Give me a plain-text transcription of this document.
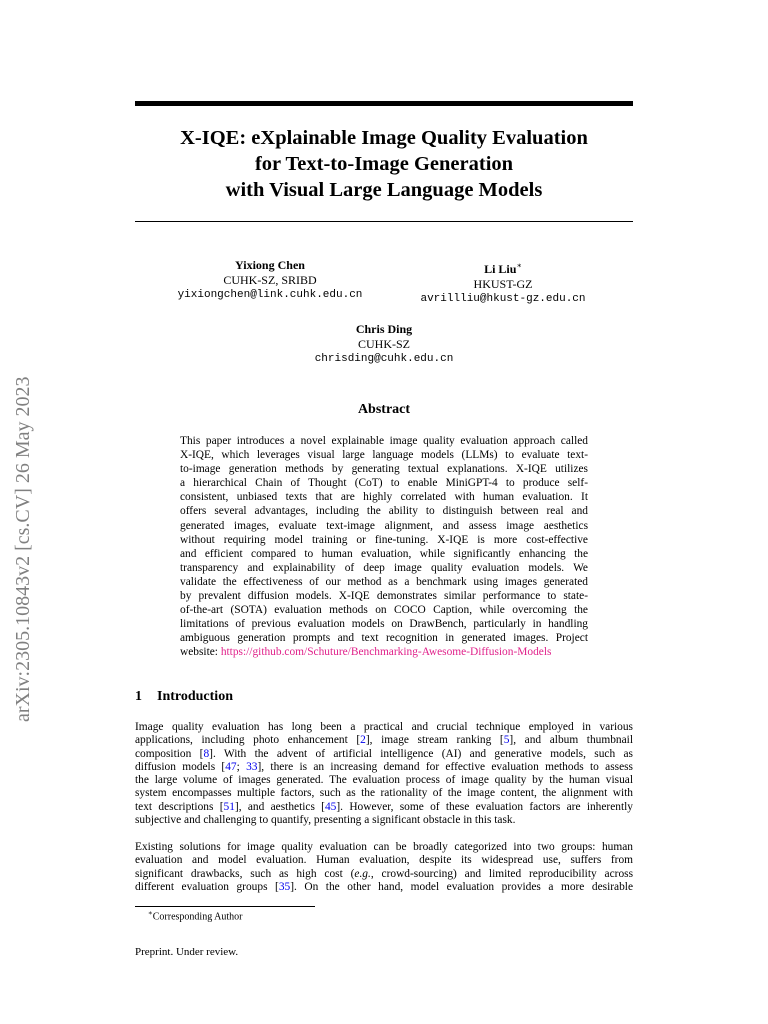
arXiv:2305.10843v2 [cs.CV] 26 May 2023
X-IQE: eXplainable Image Quality Evaluation
for Text-to-Image Generation
with Visual Large Language Models
Yixiong Chen
CUHK-SZ, SRIBD
yixiongchen@link.cuhk.edu.cn
Li Liu∗
HKUST-GZ
avrillliu@hkust-gz.edu.cn
Chris Ding
CUHK-SZ
chrisding@cuhk.edu.cn
Abstract
This paper introduces a novel explainable image quality evaluation approach called
X-IQE, which leverages visual large language models (LLMs) to evaluate text-
to-image generation methods by generating textual explanations. X-IQE utilizes
a hierarchical Chain of Thought (CoT) to enable MiniGPT-4 to produce self-
consistent, unbiased texts that are highly correlated with human evaluation. It
offers several advantages, including the ability to distinguish between real and
generated images, evaluate text-image alignment, and assess image aesthetics
without requiring model training or fine-tuning. X-IQE is more cost-effective
and efficient compared to human evaluation, while significantly enhancing the
transparency and explainability of deep image quality evaluation models. We
validate the effectiveness of our method as a benchmark using images generated
by prevalent diffusion models. X-IQE demonstrates similar performance to state-
of-the-art (SOTA) evaluation methods on COCO Caption, while overcoming the
limitations of previous evaluation models on DrawBench, particularly in handling
ambiguous generation prompts and text recognition in generated images. Project
website: https://github.com/Schuture/Benchmarking-Awesome-Diffusion-Models
1 Introduction
Image quality evaluation has long been a practical and crucial technique employed in various
applications, including photo enhancement [2], image stream ranking [5], and album thumbnail
composition [8]. With the advent of artificial intelligence (AI) and generative models, such as
diffusion models [47; 33], there is an increasing demand for effective evaluation methods to assess
the large volume of images generated. The evaluation process of image quality by the human visual
system encompasses multiple factors, such as the rationality of the image content, the alignment with
text descriptions [51], and aesthetics [45]. However, some of these evaluation factors are inherently
subjective and challenging to quantify, presenting a significant obstacle in this task.
Existing solutions for image quality evaluation can be broadly categorized into two groups: human
evaluation and model evaluation. Human evaluation, despite its widespread use, suffers from
significant drawbacks, such as high cost (e.g., crowd-sourcing) and limited reproducibility across
different evaluation groups [35]. On the other hand, model evaluation provides a more desirable
∗Corresponding Author
Preprint. Under review.
